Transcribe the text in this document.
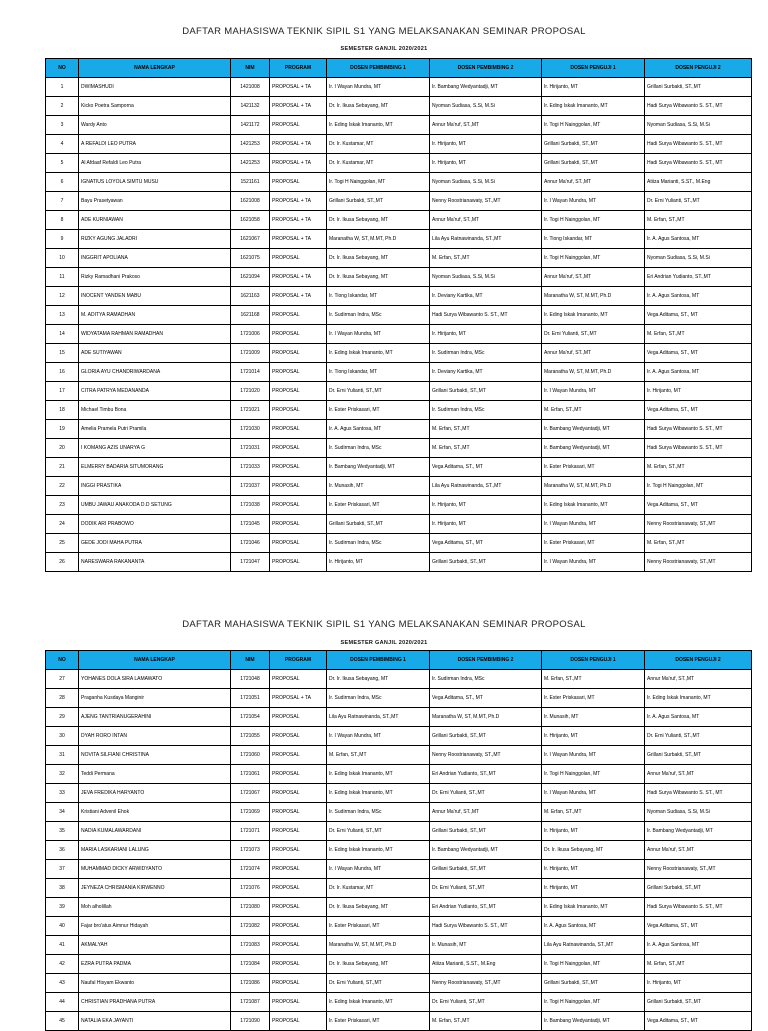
DAFTAR MAHASISWA TEKNIK SIPIL S1 YANG MELAKSANAKAN SEMINAR PROPOSAL
SEMESTER GANJIL 2020/2021
NO	NAMA LENGKAP	NIM	PROGRAM	DOSEN PEMBIMBING 1	DOSEN PEMBIMBING 2	DOSEN PENGUJI 1	DOSEN PENGUJI 2
1	DWIMASHUDI	1421008	PROPOSAL + TA	Ir. I Wayan Mundra, MT	Ir. Bambang Wedyantadji, MT	Ir. Hirijanto, MT	Grillani Surbakti, ST.,MT
2	Kicko Poetra Samporna	1421132	PROPOSAL + TA	Dr. Ir. Ikusa Sebayang, MT	Nyoman Sudiasa, S.Si, M.Si	Ir. Eding Iskak Imananto, MT	Hadi Surya Wibawanto S. ST., MT
3	Wardy Anto	1421172	PROPOSAL	Ir. Eding Iskak Imananto, MT	Annur Ma'ruf, ST.,MT	Ir. Togi H Nainggolan, MT	Nyoman Sudiasa, S.Si, M.Si
4	A REFALDI LEO PUTRA	1421253	PROPOSAL + TA	Dr. Ir. Kustamar, MT	Ir. Hirijanto, MT	Grillani Surbakti, ST.,MT	Hadi Surya Wibawanto S. ST., MT
5	Al Afdaaf Refaldi Leo Putra	1421253	PROPOSAL + TA	Dr. Ir. Kustamar, MT	Ir. Hirijanto, MT	Grillani Surbakti, ST.,MT	Hadi Surya Wibawanto S. ST., MT
6	IGNATIUS LOYOLA SIMTU MUSU	1521161	PROPOSAL	Ir. Togi H Nainggolan, MT	Nyoman Sudiasa, S.Si, M.Si	Annur Ma'ruf, ST.,MT	Atiiza Marianti, S.ST., M.Eng
7	Bayu Prasetyawan	1621008	PROPOSAL + TA	Grillani Surbakti, ST.,MT	Nenny Roostrianawaty, ST.,MT	Ir. I Wayan Mundra, MT	Dr. Erni Yulianti, ST.,MT
8	ADE KURNIAWAN	1621058	PROPOSAL + TA	Dr. Ir. Ikusa Sebayang, MT	Annur Ma'ruf, ST.,MT	Ir. Togi H Nainggolan, MT	M. Erfan, ST.,MT
9	RIZKY AGUNG JALADRI	1621067	PROPOSAL + TA	Maranatha W, ST, M.MT, Ph.D	Lila Ayu Ratnawinanda, ST.,MT	Ir. Tiong Iskandar, MT	Ir. A. Agus Santosa, MT
10	INGGRIT APOLIANA	1621075	PROPOSAL	Dr. Ir. Ikusa Sebayang, MT	M. Erfan, ST.,MT	Ir. Togi H Nainggolan, MT	Nyoman Sudiasa, S.Si, M.Si
11	Rizky Ramadhani Prakoso	1621094	PROPOSAL + TA	Dr. Ir. Ikusa Sebayang, MT	Nyoman Sudiasa, S.Si, M.Si	Annur Ma'ruf, ST.,MT	Eri Andrian Yudianto, ST.,MT
12	INOCENT YANDEN MABU	1621163	PROPOSAL + TA	Ir. Tiong Iskandar, MT	Ir. Deviany Kartika, MT	Maranatha W, ST, M.MT, Ph.D	Ir. A. Agus Santosa, MT
13	M. ADITYA RAMADHAN	1621168	PROPOSAL	Ir. Sudirman Indra, MSc	Hadi Surya Wibawanto S. ST., MT	Ir. Eding Iskak Imananto, MT	Vega Aditama, ST., MT
14	WIDYATAMA RAHMAN RAMADHAN	1721006	PROPOSAL	Ir. I Wayan Mundra, MT	Ir. Hirijanto, MT	Dr. Erni Yulianti, ST.,MT	M. Erfan, ST.,MT
15	ADE SUTIYAWAN	1721009	PROPOSAL	Ir. Eding Iskak Imananto, MT	Ir. Sudirman Indra, MSc	Annur Ma'ruf, ST.,MT	Vega Aditama, ST., MT
16	GLORIA AYU CHANDRIWARDANA	1721014	PROPOSAL	Ir. Tiong Iskandar, MT	Ir. Deviany Kartika, MT	Maranatha W, ST, M.MT, Ph.D	Ir. A. Agus Santosa, MT
17	CITRA PATRYA MEDANANDA	1721020	PROPOSAL	Dr. Erni Yulianti, ST.,MT	Grillani Surbakti, ST.,MT	Ir. I Wayan Mundra, MT	Ir. Hirijanto, MT
18	Michael Timbu Bona	1721021	PROPOSAL	Ir. Ester Priskasari, MT	Ir. Sudirman Indra, MSc	M. Erfan, ST.,MT	Vega Aditama, ST., MT
19	Amelia Pramela Putri Pramila	1721030	PROPOSAL	Ir. A. Agus Santosa, MT	M. Erfan, ST.,MT	Ir. Bambang Wedyantadji, MT	Hadi Surya Wibawanto S. ST., MT
20	I KOMANG AZIS UNARYA G	1721031	PROPOSAL	Ir. Sudirman Indra, MSc	M. Erfan, ST.,MT	Ir. Bambang Wedyantadji, MT	Hadi Surya Wibawanto S. ST., MT
21	ELMERRY BADARIA SITUMORANG	1721033	PROPOSAL	Ir. Bambang Wedyantadji, MT	Vega Aditama, ST., MT	Ir. Ester Priskasari, MT	M. Erfan, ST.,MT
22	INGGI PRASTIKA	1721037	PROPOSAL	Ir. Munasih, MT	Lila Ayu Ratnawinanda, ST.,MT	Maranatha W, ST, M.MT, Ph.D	Ir. Togi H Nainggolan, MT
23	UMBU JAWAU ANAKODA D.D SETUNG	1721038	PROPOSAL	Ir. Ester Priskasari, MT	Ir. Hirijanto, MT	Ir. Eding Iskak Imananto, MT	Vega Aditama, ST., MT
24	DODIK ARI PRABOWO	1721045	PROPOSAL	Grillani Surbakti, ST.,MT	Ir. Hirijanto, MT	Ir. I Wayan Mundra, MT	Nenny Roostrianawaty, ST.,MT
25	GEDE JODI MAHA PUTRA	1721046	PROPOSAL	Ir. Sudirman Indra, MSc	Vega Aditama, ST., MT	Ir. Ester Priskasari, MT	M. Erfan, ST.,MT
26	NARESWARA RAKANANTA	1721047	PROPOSAL	Ir. Hirijanto, MT	Grillani Surbakti, ST.,MT	Ir. I Wayan Mundra, MT	Nenny Roostrianawaty, ST.,MT
DAFTAR MAHASISWA TEKNIK SIPIL S1 YANG MELAKSANAKAN SEMINAR PROPOSAL
SEMESTER GANJIL 2020/2021
NO	NAMA LENGKAP	NIM	PROGRAM	DOSEN PEMBIMBING 1	DOSEN PEMBIMBING 2	DOSEN PENGUJI 1	DOSEN PENGUJI 2
27	YOHANES DOLA SIRA LAMAWATO	1721048	PROPOSAL	Dr. Ir. Ikusa Sebayang, MT	Ir. Sudirman Indra, MSc	M. Erfan, ST.,MT	Annur Ma'ruf, ST.,MT
28	Praganha Kusdaya Manginir	1721051	PROPOSAL + TA	Ir. Sudirman Indra, MSc	Vega Aditama, ST., MT	Ir. Ester Priskasari, MT	Ir. Eding Iskak Imananto, MT
29	AJENG TANTRIANUGERAHINI	1721054	PROPOSAL	Lila Ayu Ratnawinanda, ST.,MT	Maranatha W, ST, M.MT, Ph.D	Ir. Munasih, MT	Ir. A. Agus Santosa, MT
30	DYAH RORO INTAN	1721055	PROPOSAL	Ir. I Wayan Mundra, MT	Grillani Surbakti, ST.,MT	Ir. Hirijanto, MT	Dr. Erni Yulianti, ST.,MT
31	NOVITA SILFIANI CHRISTINA	1721060	PROPOSAL	M. Erfan, ST.,MT	Nenny Roostrianawaty, ST.,MT	Ir. I Wayan Mundra, MT	Grillani Surbakti, ST.,MT
32	Teddi Permana	1721061	PROPOSAL	Ir. Eding Iskak Imananto, MT	Eri Andrian Yudianto, ST.,MT	Ir. Togi H Nainggolan, MT	Annur Ma'ruf, ST.,MT
33	JEVA FREDIKA HARYANTO	1721067	PROPOSAL	Ir. Eding Iskak Imananto, MT	Dr. Erni Yulianti, ST.,MT	Ir. I Wayan Mundra, MT	Hadi Surya Wibawanto S. ST., MT
34	Kristiani Advenil Ehok	1721069	PROPOSAL	Ir. Sudirman Indra, MSc	Annur Ma'ruf, ST.,MT	M. Erfan, ST.,MT	Nyoman Sudiasa, S.Si, M.Si
35	NADIA KUMALAWARDANI	1721071	PROPOSAL	Dr. Erni Yulianti, ST.,MT	Grillani Surbakti, ST.,MT	Ir. Hirijanto, MT	Ir. Bambang Wedyantadji, MT
36	MARIA LASKARIANI LALUNG	1721073	PROPOSAL	Ir. Eding Iskak Imananto, MT	Ir. Bambang Wedyantadji, MT	Dr. Ir. Ikusa Sebayang, MT	Annur Ma'ruf, ST.,MT
37	MUHAMMAD DICKY ARWIDYANTO	1721074	PROPOSAL	Ir. I Wayan Mundra, MT	Grillani Surbakti, ST.,MT	Ir. Hirijanto, MT	Nenny Roostrianawaty, ST.,MT
38	JEYNEZA CHRISMANIA KIRWENNO	1721076	PROPOSAL	Dr. Ir. Kustamar, MT	Dr. Erni Yulianti, ST.,MT	Ir. Hirijanto, MT	Grillani Surbakti, ST.,MT
39	Moh alholillah	1721080	PROPOSAL	Dr. Ir. Ikusa Sebayang, MT	Eri Andrian Yudianto, ST.,MT	Ir. Eding Iskak Imananto, MT	Hadi Surya Wibawanto S. ST., MT
40	Fajar bro'atus Aimnur Hidayah	1721082	PROPOSAL	Ir. Ester Priskasari, MT	Hadi Surya Wibawanto S. ST., MT	Ir. A. Agus Santosa, MT	Vega Aditama, ST., MT
41	AKMALYAH	1721083	PROPOSAL	Maranatha W, ST, M.MT, Ph.D	Ir. Munasih, MT	Lila Ayu Ratnawinanda, ST.,MT	Ir. A. Agus Santosa, MT
42	EZRA PUTRA PADMA	1721084	PROPOSAL	Dr. Ir. Ikusa Sebayang, MT	Atiiza Marianti, S.ST., M.Eng	Ir. Togi H Nainggolan, MT	M. Erfan, ST.,MT
43	Naufal Hisyam Ekwanto	1721086	PROPOSAL	Dr. Erni Yulianti, ST.,MT	Nenny Roostrianawaty, ST.,MT	Grillani Surbakti, ST.,MT	Ir. Hirijanto, MT
44	CHRISTIAN PRADHANA PUTRA	1721087	PROPOSAL	Ir. Eding Iskak Imananto, MT	Dr. Erni Yulianti, ST.,MT	Ir. Togi H Nainggolan, MT	Grillani Surbakti, ST.,MT
45	NATALIA EKA JAYANTI	1721090	PROPOSAL	Ir. Ester Priskasari, MT	M. Erfan, ST.,MT	Ir. Bambang Wedyantadji, MT	Vega Aditama, ST., MT
